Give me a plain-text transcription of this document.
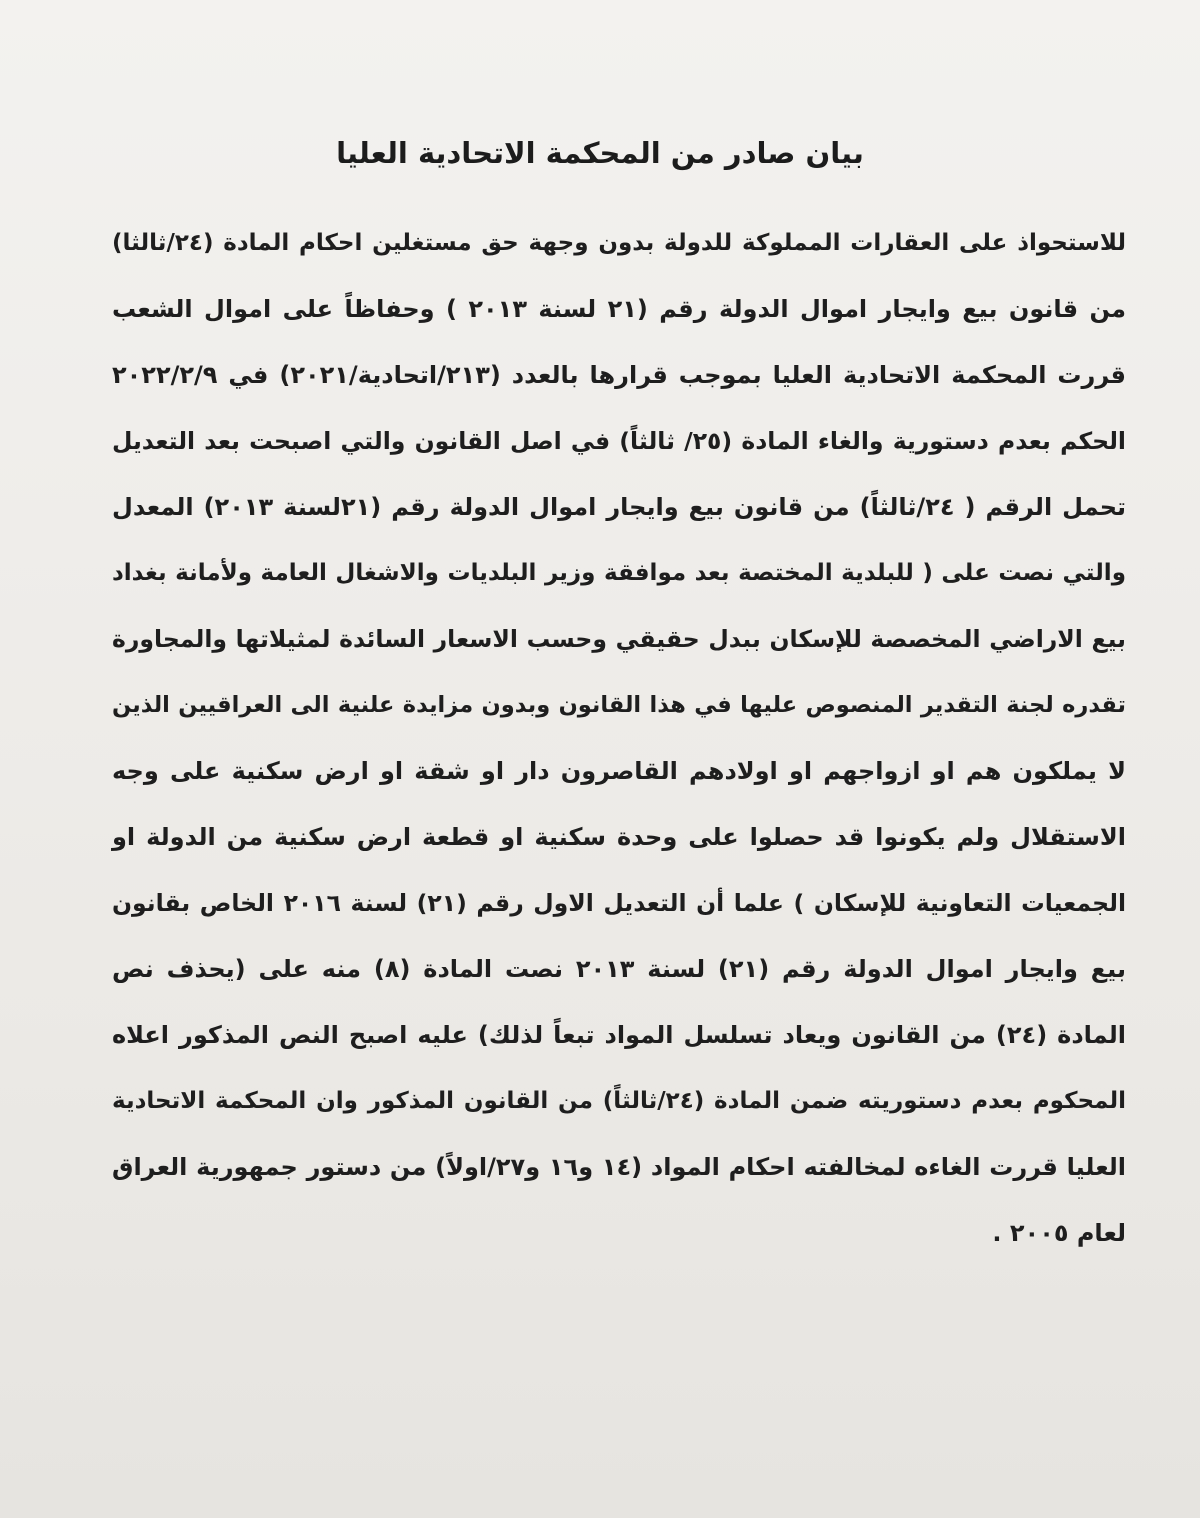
بيان صادر من المحكمة الاتحادية العليا
للاستحواذ على العقارات المملوكة للدولة بدون وجهة حق مستغلين احكام المادة (٢٤/ثالثا)
من قانون بيع وايجار اموال الدولة رقم (٢١ لسنة ٢٠١٣ ) وحفاظاً على اموال الشعب
قررت المحكمة الاتحادية العليا بموجب قرارها بالعدد (٢١٣/اتحادية/٢٠٢١) في ٢٠٢٢/٢/٩
الحكم بعدم دستورية والغاء المادة (٢٥/ ثالثاً) في اصل القانون والتي اصبحت بعد التعديل
تحمل الرقم ( ٢٤/ثالثاً) من قانون بيع وايجار اموال الدولة رقم (٢١لسنة ٢٠١٣) المعدل
والتي نصت على ( للبلدية المختصة بعد موافقة وزير البلديات والاشغال العامة ولأمانة بغداد
بيع الاراضي المخصصة للإسكان ببدل حقيقي وحسب الاسعار السائدة لمثيلاتها والمجاورة
تقدره لجنة التقدير المنصوص عليها في هذا القانون وبدون مزايدة علنية الى العراقيين الذين
لا يملكون هم او ازواجهم او اولادهم القاصرون دار او شقة او ارض سكنية على وجه
الاستقلال ولم يكونوا قد حصلوا على وحدة سكنية او قطعة ارض سكنية من الدولة او
الجمعيات التعاونية للإسكان ) علما أن التعديل الاول رقم (٢١) لسنة ٢٠١٦ الخاص بقانون
بيع وايجار اموال الدولة رقم (٢١) لسنة ٢٠١٣ نصت المادة (٨) منه على (يحذف نص
المادة (٢٤) من القانون ويعاد تسلسل المواد تبعاً لذلك) عليه اصبح النص المذكور اعلاه
المحكوم بعدم دستوريته ضمن المادة (٢٤/ثالثاً) من القانون المذكور وان المحكمة الاتحادية
العليا قررت الغاءه لمخالفته احكام المواد (١٤ و١٦ و٢٧/اولاً) من دستور جمهورية العراق
لعام ٢٠٠٥ .
